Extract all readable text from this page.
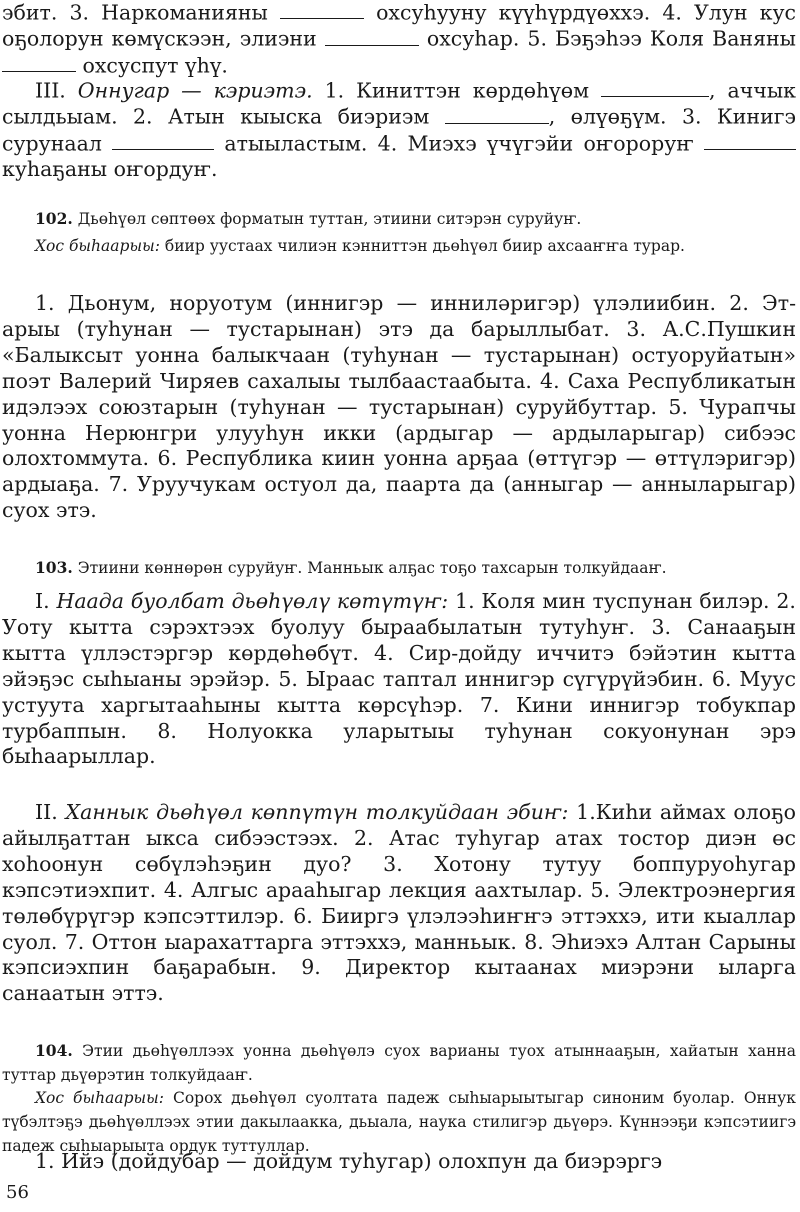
эбит. 3. Наркоманияны	охсуһууну күүһүрдүөххэ. 4. Улун кус оҕолорун көмүскээн, элиэни	охсуһар. 5. Бэҕэһээ Коля Ваняны  охсуспут үһү.
III. Оннугар — кэриэтэ. 1. Киниттэн көрдөһүөм	, аччык сылдьыам. 2. Атын кыыска биэриэм	, өлүөҕүм. 3. Кинигэ сурунаал	атыыластым. 4. Миэхэ үчүгэйи оҥороруҥ  куһаҕаны оҥордуҥ.
102. Дьөһүөл сөптөөх форматын туттан, этиини ситэрэн суруйуҥ.
Хос быһаарыы: биир уустаах чилиэн кэнниттэн дьөһүөл биир ахсааҥҥа турар.
1. Дьонум, норуотум (иннигэр — инниләригэр) үлэлиибин. 2. Эт-арыы (туһунан — тустарынан) этэ да барыллыбат. 3. А.С.Пушкин «Балыксыт уонна балыкчаан (туһунан — тустарынан) остуоруйатын» поэт Валерий Чиряев сахалыы тылбаастаабыта. 4. Саха Республикатын идэлээх союзтарын (туһунан — тустарынан) суруйбуттар. 5. Чурапчы уонна Нерюнгри улууһун икки (ардыгар — ардыларыгар) сибээс олохтоммута. 6. Республика киин уонна арҕаа (өттүгэр — өттүлэригэр) ардыаҕа. 7. Уруучукам остуол да, паарта да (анныгар — анныларыгар) суох этэ.
103. Этиини көннөрөн суруйуҥ. Манньык алҕас тоҕо тахсарын толкуйдааҥ.
I. Наада буолбат дьөһүөлү көтүтүҥ: 1. Коля мин туспунан билэр. 2. Уоту кытта сэрэхтээх буолуу быраабылатын тутуһуҥ. 3. Санааҕын кытта үллэстэргэр көрдөһөбүт. 4. Сир-дойду иччитэ бэйэтин кытта эйэҕэс сыһыаны эрэйэр. 5. Ыраас таптал иннигэр сүгүрүйэбин. 6. Муус устуута харгытааһыны кытта көрсүһэр. 7. Кини иннигэр тобукпар турбаппын. 8. Нолуокка уларытыы туһунан сокуонунан эрэ быһаарыллар.
II. Ханнык дьөһүөл көппүтүн толкуйдаан эбиҥ: 1.Киһи аймах олоҕо айылҕаттан ыкса сибээстээх. 2. Атас туһугар атах тостор диэн өс хоһоонун сөбүлэһэҕин дуо? 3. Хотону тутуу боппуруоһугар кэпсэтиэхпит. 4. Алгыс арааһыгар лекция аахтылар. 5. Электроэнергия төлөбүрүгэр кэпсэттилэр. 6. Бииргэ үлэлээһиҥҥэ эттэххэ, ити кыаллар суол. 7. Оттон ыарахаттарга эттэххэ, манньык. 8. Эһиэхэ Алтан Сарыны кэпсиэхпин баҕарабын. 9. Директор кытаанах миэрэни ыларга санаатын эттэ.
104. Этии дьөһүөллээх уонна дьөһүөлэ суох варианы туох атыннааҕын, хайатын ханна туттар дьүөрэтин толкуйдааҥ.
Хос быһаарыы: Сорох дьөһүөл суолтата падеж сыһыарыытыгар синоним буолар. Оннук түбэлтэҕэ дьөһүөллээх этии дакылаакка, дьыала, наука стилигэр дьүөрэ. Күннээҕи кэпсэтиигэ падеж сыһыарыыта ордук туттуллар.
1. Ийэ (дойдубар — дойдум туһугар) олохпун да биэрэргэ
56
